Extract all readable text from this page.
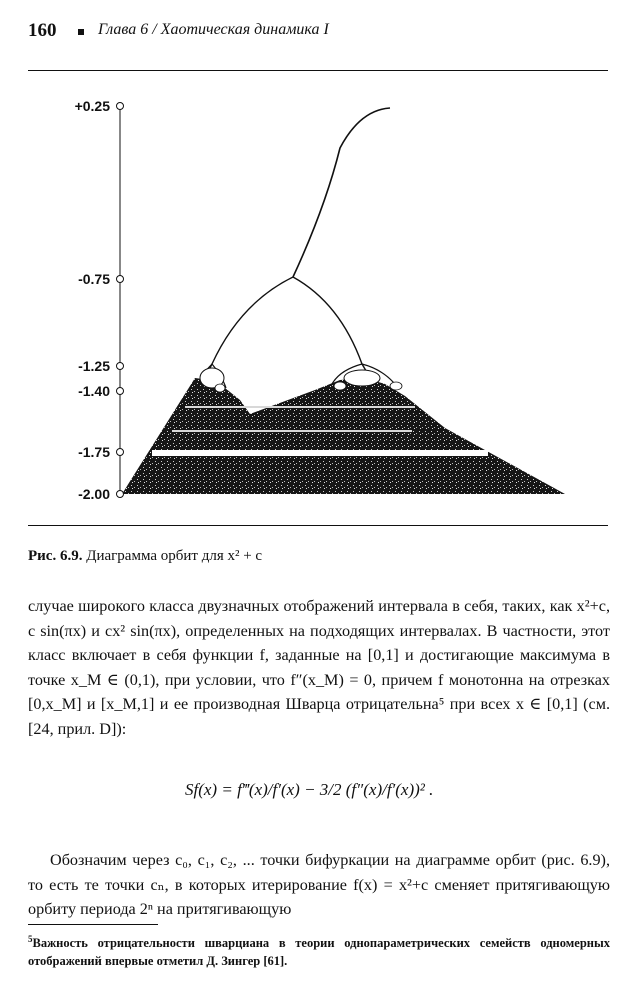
160	Глава 6 / Хаотическая динамика I
+0.25
-0.75
-1.25
-1.40
-1.75
-2.00
Рис. 6.9. Диаграмма орбит для x² + c
случае широкого класса двузначных отображений интервала в себя, таких, как x²+c, c sin(πx) и cx² sin(πx), определенных на подходящих интервалах. В частности, этот класс включает в себя функции f, заданные на [0,1] и достигающие максимума в точке x_M ∈ (0,1), при условии, что f″(x_M) = 0, причем f монотонна на отрезках [0,x_M] и [x_M,1] и ее производная Шварца отрицательна⁵ при всех x ∈ [0,1] (см. [24, прил. D]):
Sf(x) = f‴(x)/f′(x) − 3/2 (f″(x)/f′(x))² .
Обозначим через c₀, c₁, c₂, ... точки бифуркации на диаграмме орбит (рис. 6.9), то есть те точки cₙ, в которых итерирование f(x) = x²+c сменяет притягивающую орбиту периода 2ⁿ на притягивающую
$^5$Важность отрицательности шварциана в теории однопараметрических семейств одномерных отображений впервые отметил Д. Зингер [61].
